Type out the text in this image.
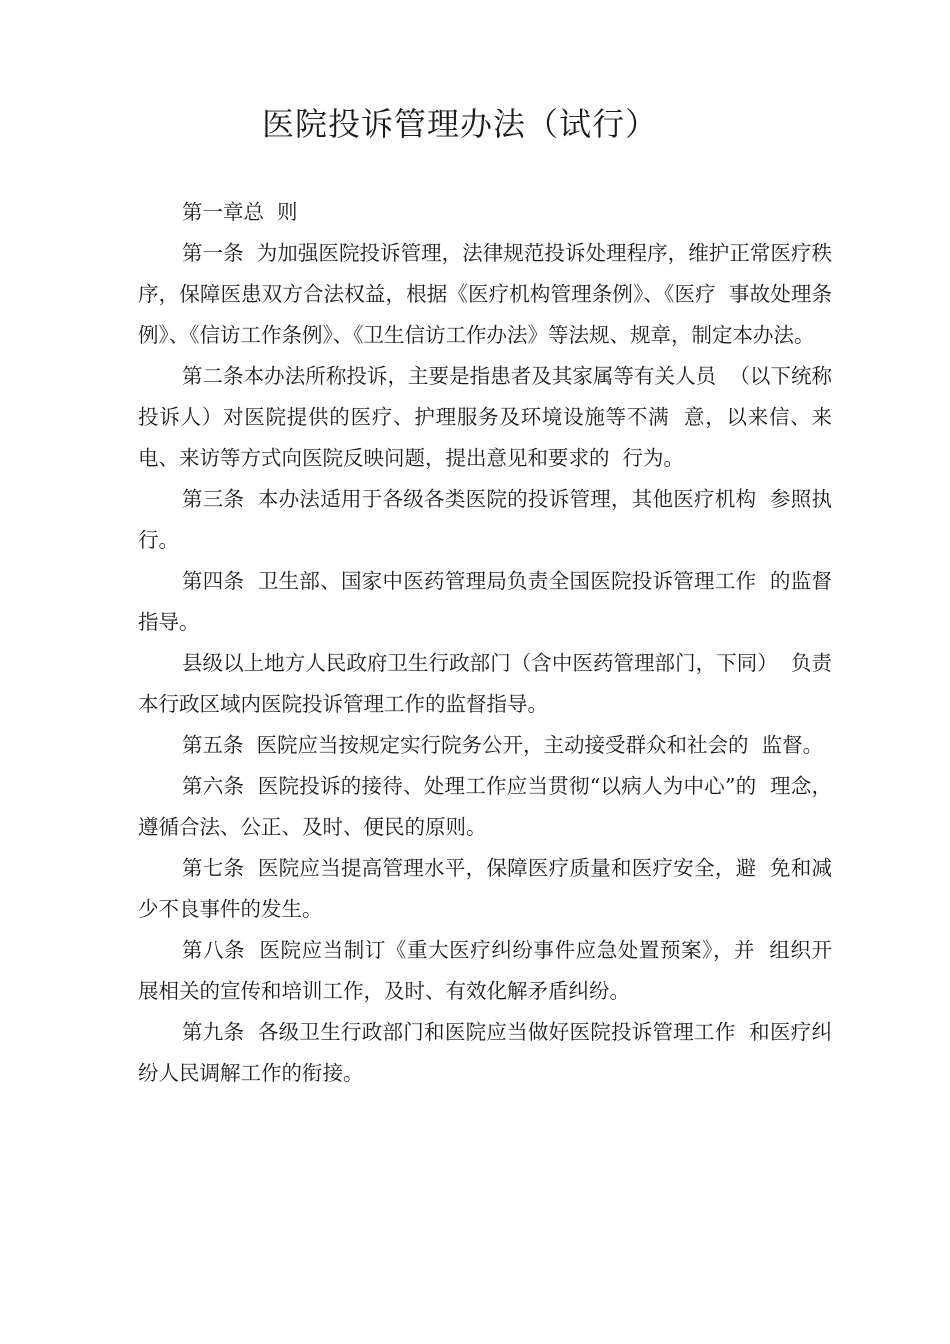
医院投诉管理办法（试行）

第一章总  则

第一条  为加强医院投诉管理，法律规范投诉处理程序，维护正常医疗秩序，保障医患双方合法权益，根据《医疗机构管理条例》、《医疗  事故处理条例》、《信访工作条例》、《卫生信访工作办法》等法规、规章，制定本办法。

第二条本办法所称投诉，主要是指患者及其家属等有关人员  （以下统称投诉人）对医院提供的医疗、护理服务及环境设施等不满  意，以来信、来电、来访等方式向医院反映问题，提出意见和要求的  行为。

第三条  本办法适用于各级各类医院的投诉管理，其他医疗机构  参照执行。

第四条  卫生部、国家中医药管理局负责全国医院投诉管理工作  的监督指导。

县级以上地方人民政府卫生行政部门（含中医药管理部门，下同）  负责本行政区域内医院投诉管理工作的监督指导。

第五条  医院应当按规定实行院务公开，主动接受群众和社会的  监督。

第六条  医院投诉的接待、处理工作应当贯彻“以病人为中心”的  理念，遵循合法、公正、及时、便民的原则。

第七条  医院应当提高管理水平，保障医疗质量和医疗安全，避  免和减少不良事件的发生。

第八条  医院应当制订《重大医疗纠纷事件应急处置预案》，并  组织开展相关的宣传和培训工作，及时、有效化解矛盾纠纷。

第九条  各级卫生行政部门和医院应当做好医院投诉管理工作  和医疗纠纷人民调解工作的衔接。
